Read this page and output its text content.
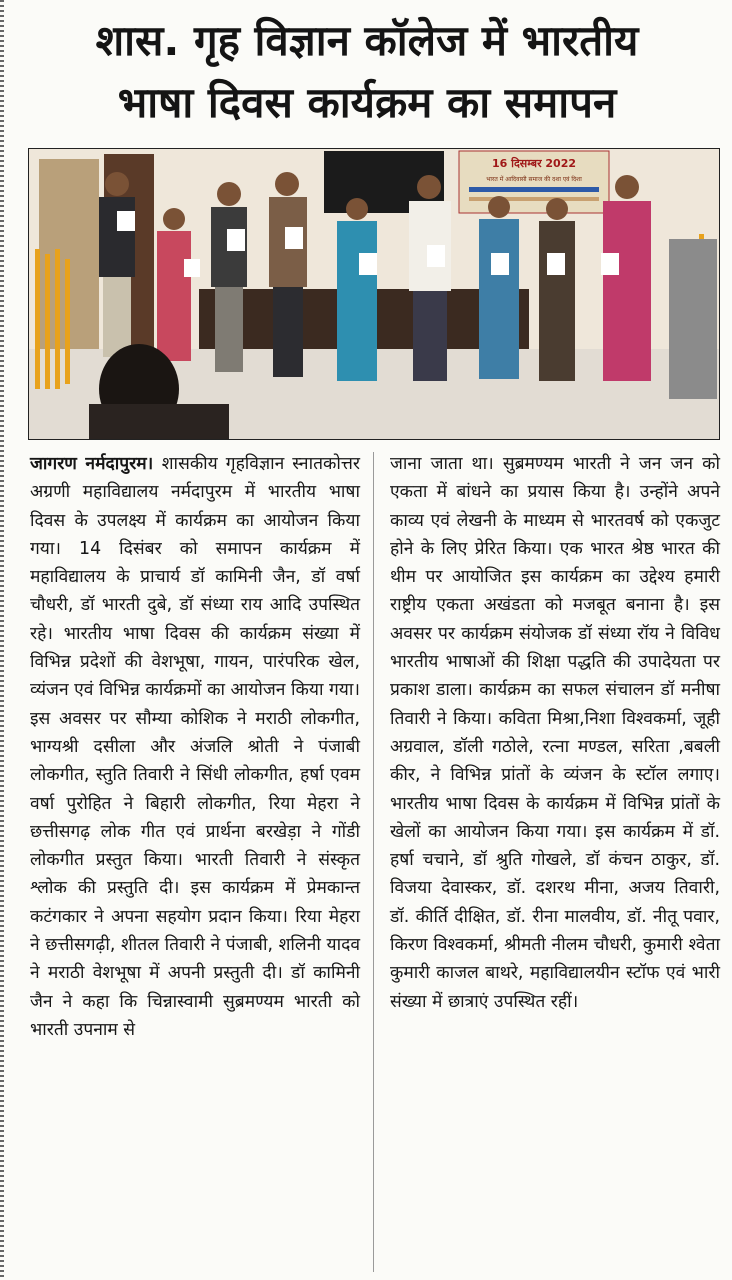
शास. गृह विज्ञान कॉलेज में भारतीय
भाषा दिवस कार्यक्रम का समापन
16 दिसम्बर 2022
भारत में आदिवासी समाज की दशा एवं दिशा
जागरण नर्मदापुरम। शासकीय गृहविज्ञान स्नातकोत्तर अग्रणी महाविद्यालय नर्मदापुरम में भारतीय भाषा दिवस के उपलक्ष्य में कार्यक्रम का आयोजन किया गया। 14 दिसंबर को समापन कार्यक्रम में महाविद्यालय के प्राचार्य डॉ कामिनी जैन, डॉ वर्षा चौधरी, डॉ भारती दुबे, डॉ संध्या राय आदि उपस्थित रहे। भारतीय भाषा दिवस की कार्यक्रम संख्या में विभिन्न प्रदेशों की वेशभूषा, गायन, पारंपरिक खेल, व्यंजन एवं विभिन्न कार्यक्रमों का आयोजन किया गया। इस अवसर पर सौम्या कोशिक ने मराठी लोकगीत, भाग्यश्री दसीला और अंजलि श्रोती ने पंजाबी लोकगीत, स्तुति तिवारी ने सिंधी लोकगीत, हर्षा एवम वर्षा पुरोहित ने बिहारी लोकगीत, रिया मेहरा ने छत्तीसगढ़ लोक गीत एवं प्रार्थना बरखेड़ा ने गोंडी लोकगीत प्रस्तुत किया। भारती तिवारी ने संस्कृत श्लोक की प्रस्तुति दी। इस कार्यक्रम में प्रेमकान्त कटंगकार ने अपना सहयोग प्रदान किया। रिया मेहरा ने छत्तीसगढ़ी, शीतल तिवारी ने पंजाबी, शलिनी यादव ने मराठी वेशभूषा में अपनी प्रस्तुती दी। डॉ कामिनी जैन ने कहा कि चिन्नास्वामी सुब्रमण्यम भारती को भारती उपनाम से
जाना जाता था। सुब्रमण्यम भारती ने जन जन को एकता में बांधने का प्रयास किया है। उन्होंने अपने काव्य एवं लेखनी के माध्यम से भारतवर्ष को एकजुट होने के लिए प्रेरित किया। एक भारत श्रेष्ठ भारत की थीम पर आयोजित इस कार्यक्रम का उद्देश्य हमारी राष्ट्रीय एकता अखंडता को मजबूत बनाना है। इस अवसर पर कार्यक्रम संयोजक डॉ संध्या रॉय ने विविध भारतीय भाषाओं की शिक्षा पद्धति की उपादेयता पर प्रकाश डाला। कार्यक्रम का सफल संचालन डॉ मनीषा तिवारी ने किया। कविता मिश्रा,निशा विश्वकर्मा, जूही अग्रवाल, डॉली गठोले, रत्ना मण्डल, सरिता ,बबली कीर, ने विभिन्न प्रांतों के व्यंजन के स्टॉल लगाए। भारतीय भाषा दिवस के कार्यक्रम में विभिन्न प्रांतों के खेलों का आयोजन किया गया। इस कार्यक्रम में डॉ. हर्षा चचाने, डॉ श्रुति गोखले, डॉ कंचन ठाकुर, डॉ. विजया देवास्कर, डॉ. दशरथ मीना, अजय तिवारी, डॉ. कीर्ति दीक्षित, डॉ. रीना मालवीय, डॉ. नीतू पवार, किरण विश्वकर्मा, श्रीमती नीलम चौधरी, कुमारी श्वेता कुमारी काजल बाथरे, महाविद्यालयीन स्टॉफ एवं भारी संख्या में छात्राएं उपस्थित रहीं।
